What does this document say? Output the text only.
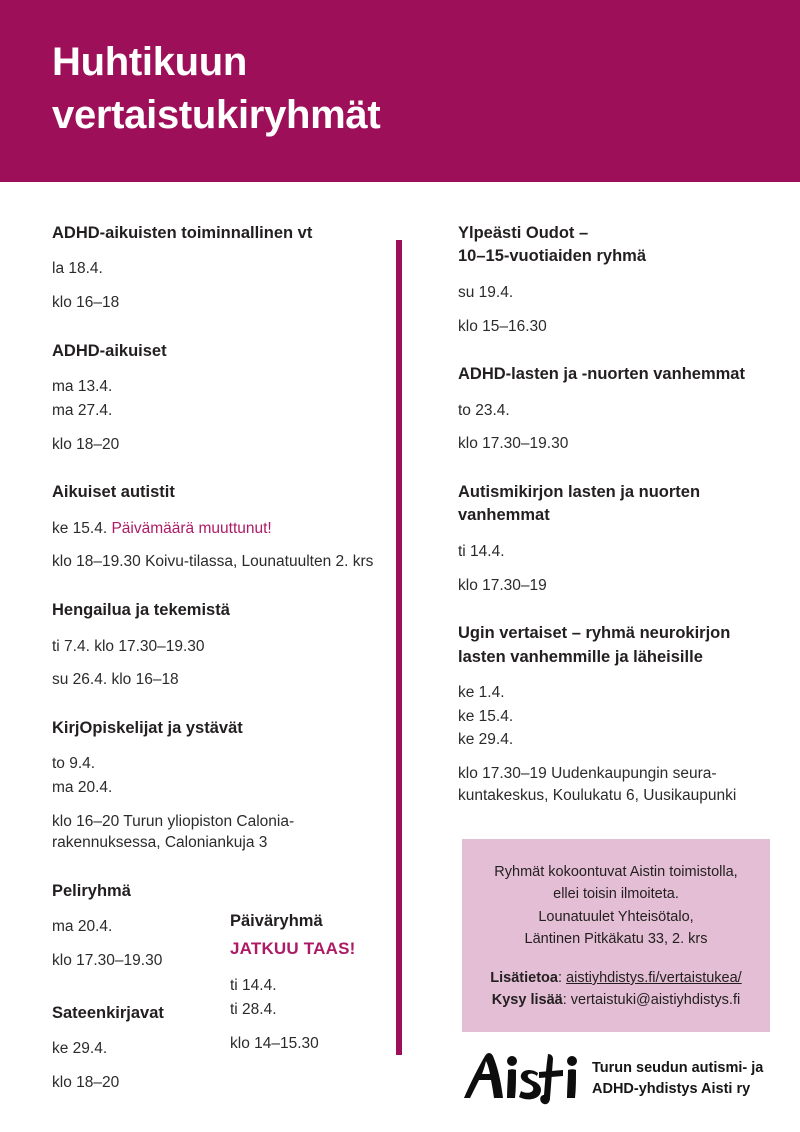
Huhtikuun
vertaistukiryhmät
ADHD-aikuisten toiminnallinen vt
la 18.4.
klo 16–18
ADHD-aikuiset
ma 13.4.
ma 27.4.
klo 18–20
Aikuiset autistit
ke 15.4. Päivämäärä muuttunut!
klo 18–19.30 Koivu-tilassa, Lounatuulten 2. krs
Hengailua ja tekemistä
ti 7.4. klo 17.30–19.30
su 26.4. klo 16–18
KirjOpiskelijat ja ystävät
to 9.4.
ma 20.4.
klo 16–20 Turun yliopiston Calonia-
rakennuksessa, Caloniankuja 3
Peliryhmä
ma 20.4.
klo 17.30–19.30
Sateenkirjavat
ke 29.4.
klo 18–20
Päiväryhmä
JATKUU TAAS!
ti 14.4.
ti 28.4.
klo 14–15.30
Ylpeästi Oudot –
10–15-vuotiaiden ryhmä
su 19.4.
klo 15–16.30
ADHD-lasten ja -nuorten vanhemmat
to 23.4.
klo 17.30–19.30
Autismikirjon lasten ja nuorten
vanhemmat
ti 14.4.
klo 17.30–19
Ugin vertaiset – ryhmä neurokirjon
lasten vanhemmille ja läheisille
ke 1.4.
ke 15.4.
ke 29.4.
klo 17.30–19 Uudenkaupungin seura-
kuntakeskus, Koulukatu 6, Uusikaupunki
Ryhmät kokoontuvat Aistin toimistolla,
ellei toisin ilmoiteta.
Lounatuulet Yhteisötalo,
Läntinen Pitkäkatu 33, 2. krs
Lisätietoa: aistiyhdistys.fi/vertaistukea/
Kysy lisää: vertaistuki@aistiyhdistys.fi
Turun seudun autismi- ja
ADHD-yhdistys Aisti ry
